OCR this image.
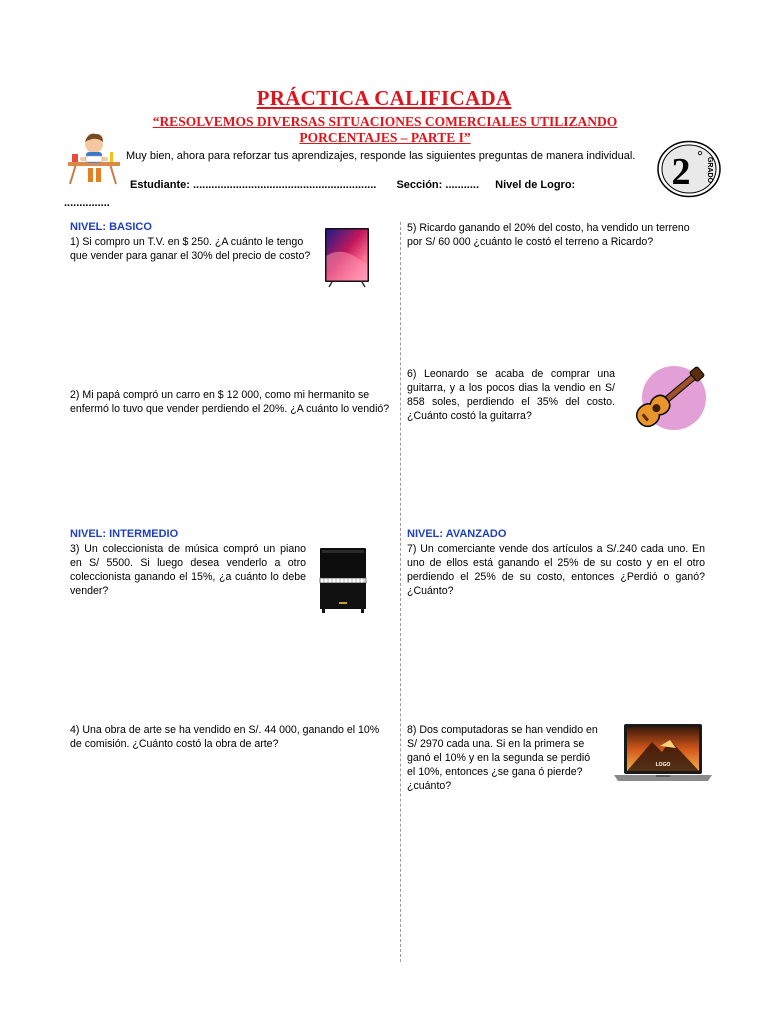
PRÁCTICA CALIFICADA
“RESOLVEMOS DIVERSAS SITUACIONES COMERCIALES UTILIZANDO
PORCENTAJES – PARTE I”
Muy bien, ahora para reforzar tus aprendizajes, responde las siguientes preguntas de manera individual.
Estudiante: ............................................................ Sección: ........... Nivel de Logro:
...............
2 °
GRADO
NIVEL: BASICO
1) Si compro un T.V. en $ 250. ¿A cuánto le tengo
que vender para ganar el 30% del precio de costo?
2) Mi papá compró un carro en $ 12 000, como mi hermanito se
enfermó lo tuvo que vender perdiendo el 20%. ¿A cuánto lo vendió?
NIVEL: INTERMEDIO
3) Un coleccionista de música compró un piano en S/ 5500. Si luego desea venderlo a otro coleccionista ganando el 15%, ¿a cuánto lo debe vender?
4) Una obra de arte se ha vendido en S/. 44 000, ganando el 10%
de comisión. ¿Cuánto costó la obra de arte?
5) Ricardo ganando el 20% del costo, ha vendido un terreno
por S/ 60 000 ¿cuánto le costó el terreno a Ricardo?
6) Leonardo se acaba de comprar una guitarra, y a los pocos dias la vendio en S/ 858 soles, perdiendo el 35% del costo. ¿Cuánto costó la guitarra?
NIVEL: AVANZADO
7) Un comerciante vende dos artículos a S/.240 cada uno. En uno de ellos está ganando el 25% de su costo y en el otro perdiendo el 25% de su costo, entonces ¿Perdió o ganó? ¿Cuánto?
8) Dos computadoras se han vendido en
S/ 2970 cada una. Si en la primera se
ganó el 10% y en la segunda se perdió
el 10%, entonces ¿se gana ó pierde?
¿cuánto?
LOGO
